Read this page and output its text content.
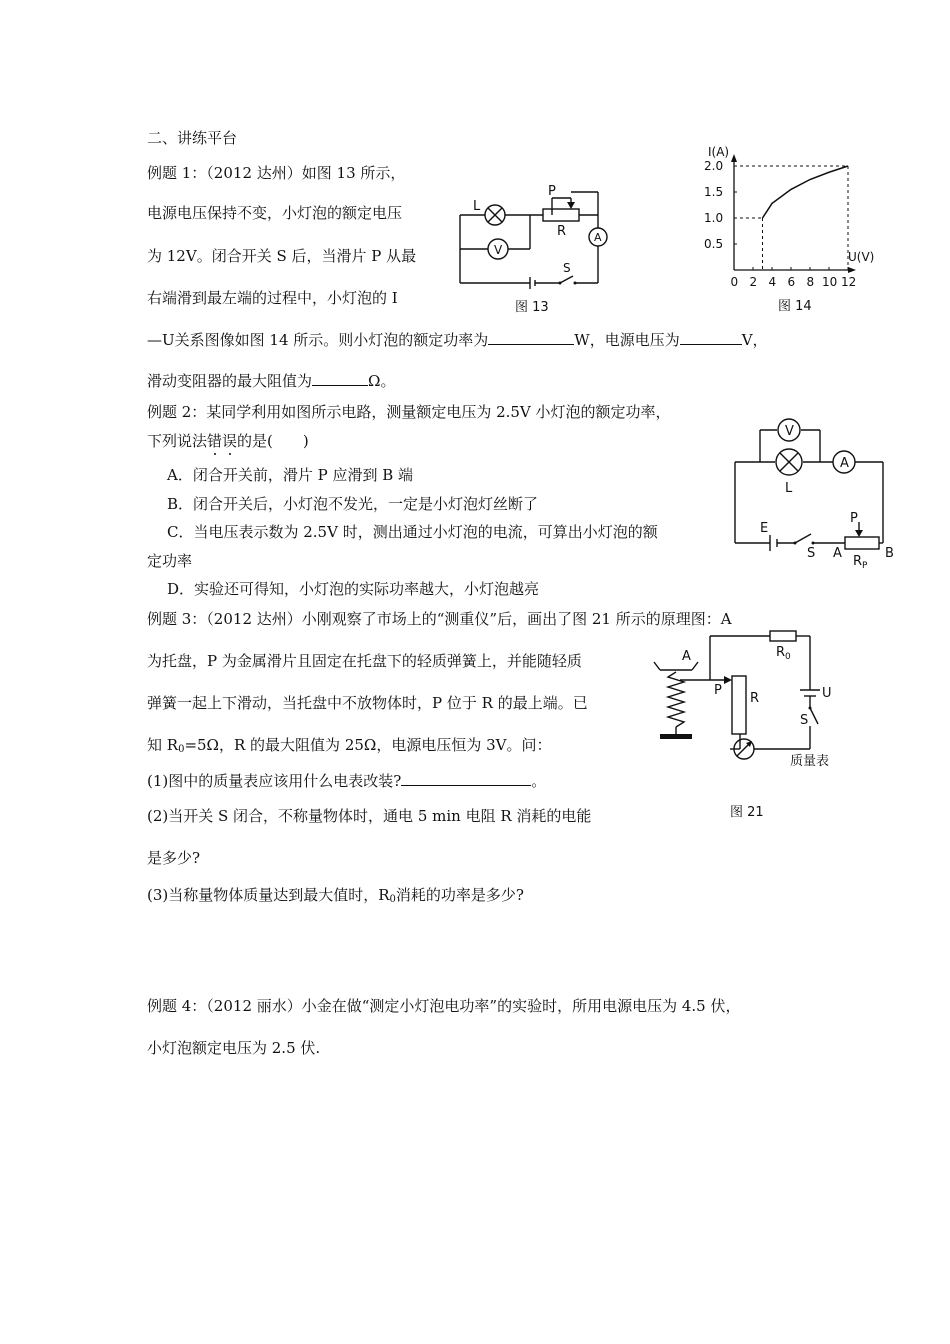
二、讲练平台
例题 1：（2012 达州）如图 13 所示，
电源电压保持不变，小灯泡的额定电压
为 12V。闭合开关 S 后，当滑片 P 从最
右端滑到最左端的过程中，小灯泡的 I
—U关系图像如图 14 所示。则小灯泡的额定功率为	W，电源电压为	V，
滑动变阻器的最大阻值为	Ω。
L
V
P
R	A
S
图 13
0 2 4 6 8 10 12
2.0
1.5
1.0
0.5
I(A)
U(V)
图 14
例题 2：某同学利用如图所示电路，测量额定电压为 2.5V 小灯泡的额定功率，
下列说法错误的是(　　)
A．闭合开关前，滑片 P 应滑到 B 端
B．闭合开关后，小灯泡不发光，一定是小灯泡灯丝断了
C．当电压表示数为 2.5V 时，测出通过小灯泡的电流，可算出小灯泡的额
定功率
D．实验还可得知，小灯泡的实际功率越大，小灯泡越亮
V
L
A
E
S
P
A	B
$R_P$
例题 3：（2012 达州）小刚观察了市场上的“测重仪”后，画出了图 21 所示的原理图：A
为托盘，P 为金属滑片且固定在托盘下的轻质弹簧上，并能随轻质
弹簧一起上下滑动，当托盘中不放物体时，P 位于 R 的最上端。已
知 $R_0=5\Omega$，R 的最大阻值为 25Ω，电源电压恒为 3V。问：
(1)图中的质量表应该用什么电表改装?	。
(2)当开关 S 闭合，不称量物体时，通电 5 min 电阻 R 消耗的电能
是多少?
(3)当称量物体质量达到最大值时，$R_0$消耗的功率是多少?
A
P
R
$R_0$
U
S
质量表
图 21
例题 4：（2012 丽水）小金在做“测定小灯泡电功率”的实验时，所用电源电压为 4.5 伏，
小灯泡额定电压为 2.5 伏.
